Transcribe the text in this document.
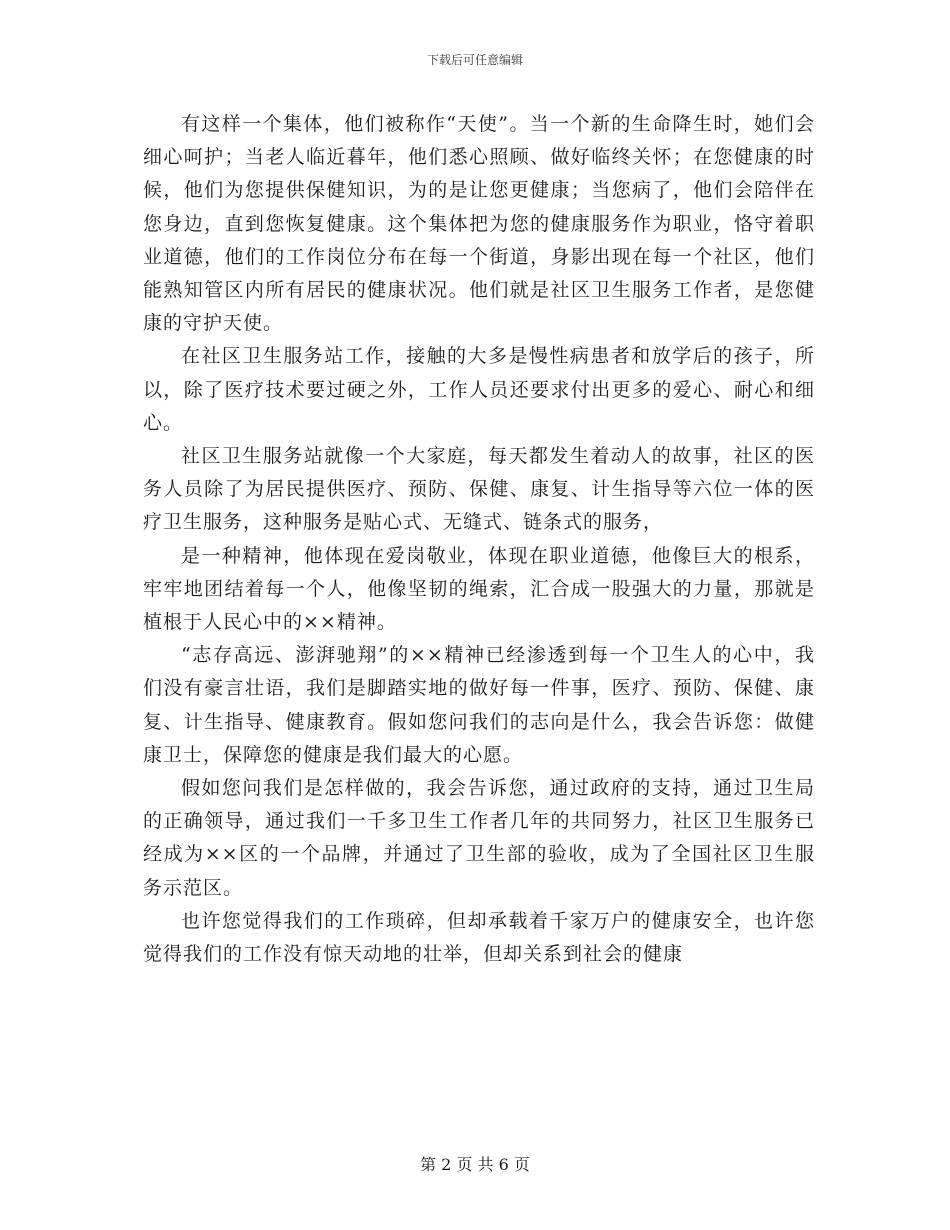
下载后可任意编辑

有这样一个集体，他们被称作“天使”。当一个新的生命降生时，她们会细心呵护；当老人临近暮年，他们悉心照顾、做好临终关怀；在您健康的时候，他们为您提供保健知识，为的是让您更健康；当您病了，他们会陪伴在您身边，直到您恢复健康。这个集体把为您的健康服务作为职业，恪守着职业道德，他们的工作岗位分布在每一个街道，身影出现在每一个社区，他们能熟知管区内所有居民的健康状况。他们就是社区卫生服务工作者，是您健康的守护天使。

在社区卫生服务站工作，接触的大多是慢性病患者和放学后的孩子，所以，除了医疗技术要过硬之外，工作人员还要求付出更多的爱心、耐心和细心。

社区卫生服务站就像一个大家庭，每天都发生着动人的故事，社区的医务人员除了为居民提供医疗、预防、保健、康复、计生指导等六位一体的医疗卫生服务，这种服务是贴心式、无缝式、链条式的服务，

是一种精神，他体现在爱岗敬业，体现在职业道德，他像巨大的根系，牢牢地团结着每一个人，他像坚韧的绳索，汇合成一股强大的力量，那就是植根于人民心中的××精神。

“志存高远、澎湃驰翔”的××精神已经渗透到每一个卫生人的心中，我们没有豪言壮语，我们是脚踏实地的做好每一件事，医疗、预防、保健、康复、计生指导、健康教育。假如您问我们的志向是什么，我会告诉您：做健康卫士，保障您的健康是我们最大的心愿。

假如您问我们是怎样做的，我会告诉您，通过政府的支持，通过卫生局的正确领导，通过我们一千多卫生工作者几年的共同努力，社区卫生服务已经成为××区的一个品牌，并通过了卫生部的验收，成为了全国社区卫生服务示范区。

也许您觉得我们的工作琐碎，但却承载着千家万户的健康安全，也许您觉得我们的工作没有惊天动地的壮举，但却关系到社会的健康

第 2 页 共 6 页
